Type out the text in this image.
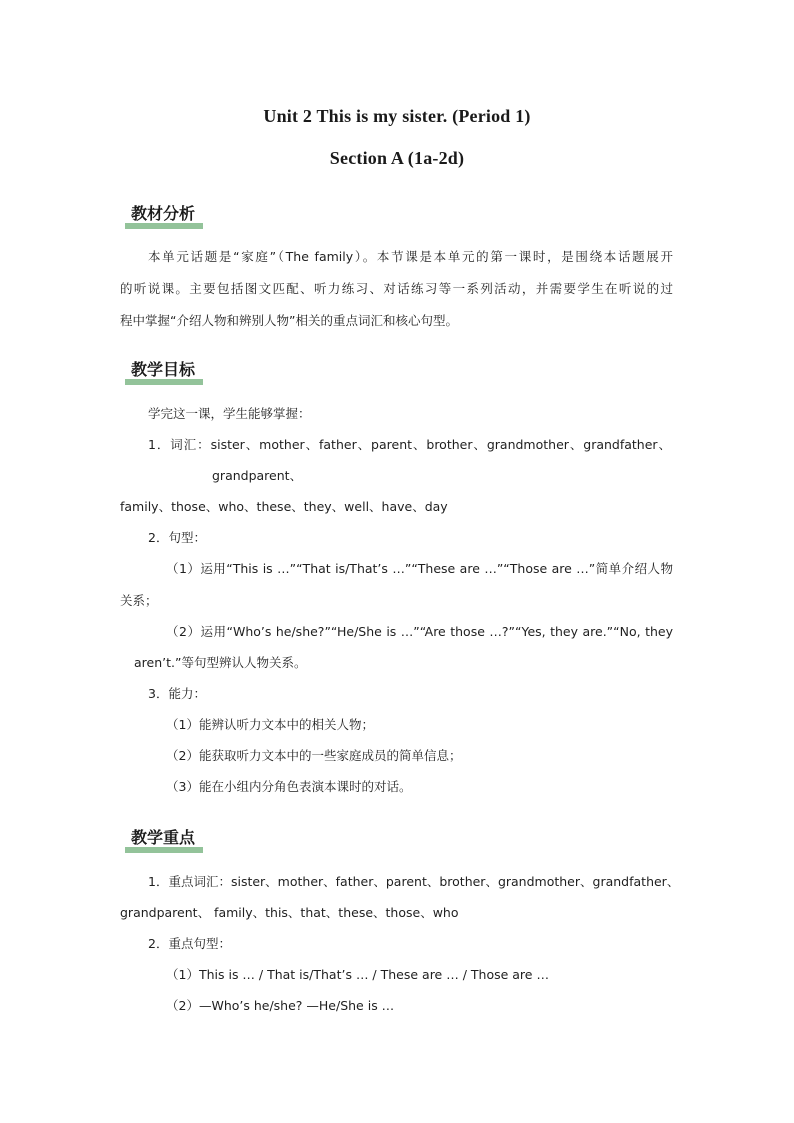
Unit 2 This is my sister. (Period 1)
Section A (1a-2d)
教材分析
本单元话题是“家庭”（The family）。本节课是本单元的第一课时，是围绕本话题展开
的听说课。主要包括图文匹配、听力练习、对话练习等一系列活动，并需要学生在听说的过
程中掌握“介绍人物和辨别人物”相关的重点词汇和核心句型。
教学目标
学完这一课，学生能够掌握：
1．词汇：sister、mother、father、parent、brother、grandmother、grandfather、
grandparent、
family、those、who、these、they、well、have、day
2．句型：
（1）运用“This is …”“That is/That’s …”“These are …”“Those are …”简单介绍人物
关系；
（2）运用“Who’s he/she?”“He/She is …”“Are those …?”“Yes, they are.”“No, they
aren’t.”等句型辨认人物关系。
3．能力：
（1）能辨认听力文本中的相关人物；
（2）能获取听力文本中的一些家庭成员的简单信息；
（3）能在小组内分角色表演本课时的对话。
教学重点
1．重点词汇：sister、mother、father、parent、brother、grandmother、grandfather、
grandparent、 family、this、that、these、those、who
2．重点句型：
（1）This is … / That is/That’s … / These are … / Those are …
（2）—Who’s he/she? —He/She is …
